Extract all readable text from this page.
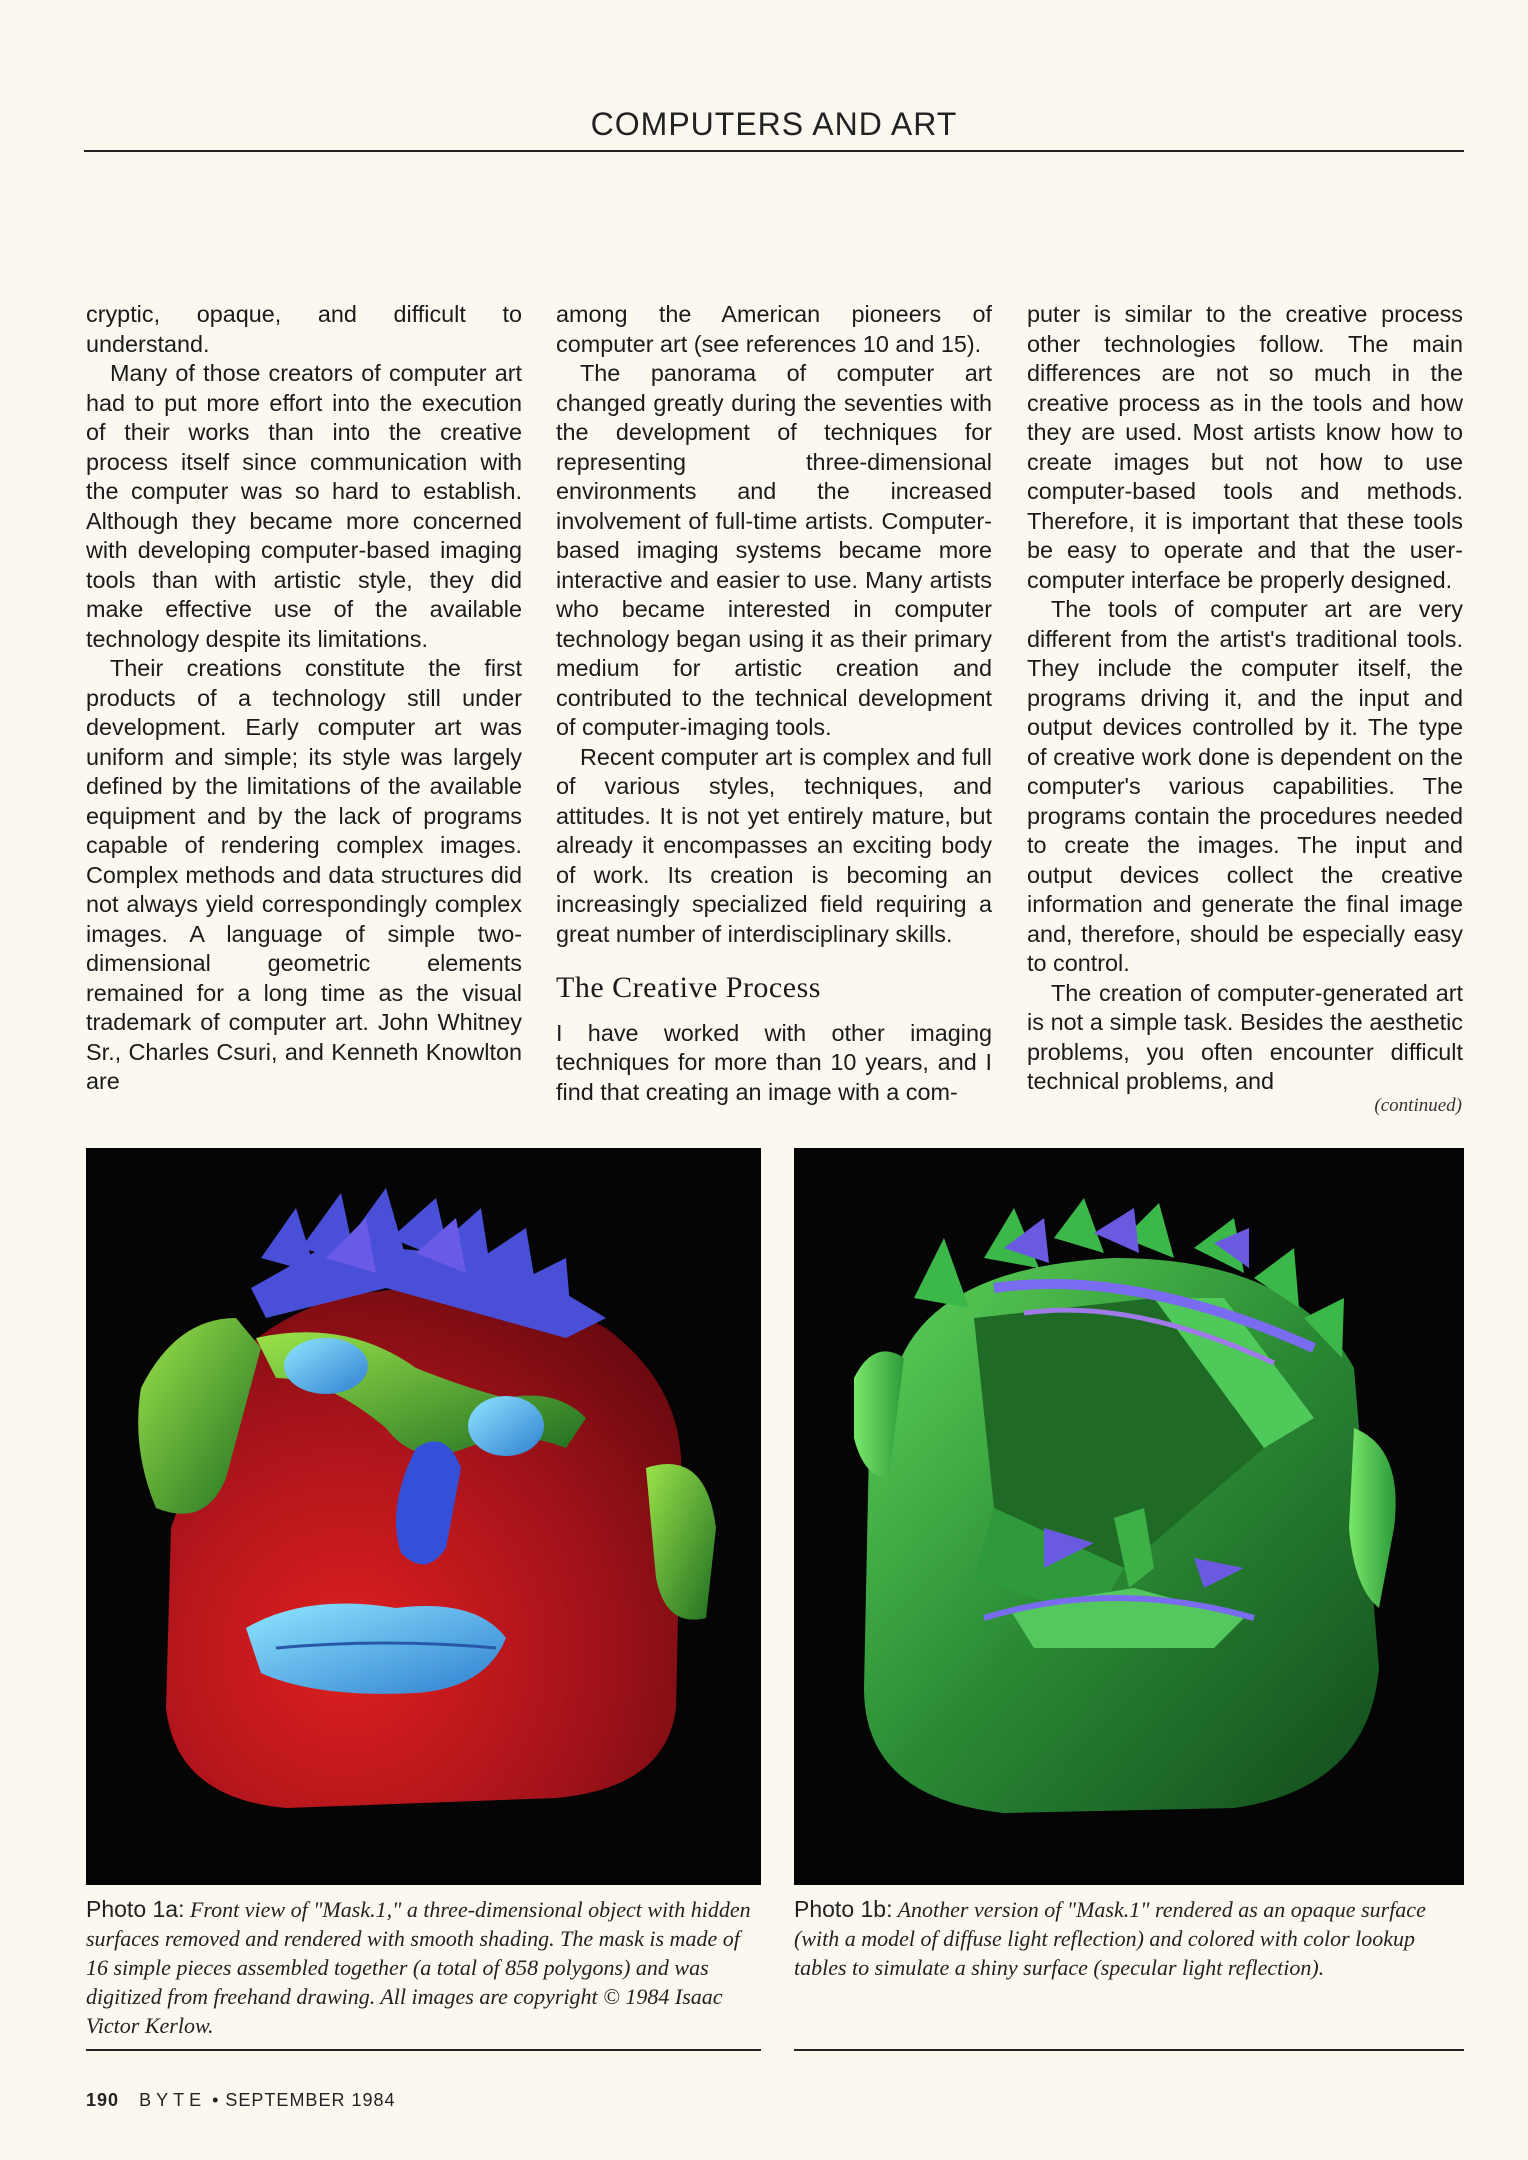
COMPUTERS AND ART

cryptic, opaque, and difficult to understand.

Many of those creators of computer art had to put more effort into the execution of their works than into the creative process itself since communication with the computer was so hard to establish. Although they became more concerned with developing computer-based imaging tools than with artistic style, they did make effective use of the available technology despite its limitations.

Their creations constitute the first products of a technology still under development. Early computer art was uniform and simple; its style was largely defined by the limitations of the available equipment and by the lack of programs capable of rendering complex images. Complex methods and data structures did not always yield correspondingly complex images. A language of simple two-dimensional geometric elements remained for a long time as the visual trademark of computer art. John Whitney Sr., Charles Csuri, and Kenneth Knowlton are

among the American pioneers of computer art (see references 10 and 15).

The panorama of computer art changed greatly during the seventies with the development of techniques for representing three-dimensional environments and the increased involvement of full-time artists. Computer-based imaging systems became more interactive and easier to use. Many artists who became interested in computer technology began using it as their primary medium for artistic creation and contributed to the technical development of computer-imaging tools.

Recent computer art is complex and full of various styles, techniques, and attitudes. It is not yet entirely mature, but already it encompasses an exciting body of work. Its creation is becoming an increasingly specialized field requiring a great number of interdisciplinary skills.

The Creative Process

I have worked with other imaging techniques for more than 10 years, and I find that creating an image with a com-

puter is similar to the creative process other technologies follow. The main differences are not so much in the creative process as in the tools and how they are used. Most artists know how to create images but not how to use computer-based tools and methods. Therefore, it is important that these tools be easy to operate and that the user-computer interface be properly designed.

The tools of computer art are very different from the artist's traditional tools. They include the computer itself, the programs driving it, and the input and output devices controlled by it. The type of creative work done is dependent on the computer's various capabilities. The programs contain the procedures needed to create the images. The input and output devices collect the creative information and generate the final image and, therefore, should be especially easy to control.

The creation of computer-generated art is not a simple task. Besides the aesthetic problems, you often encounter difficult technical problems, and

(continued)
Photo 1a: Front view of "Mask.1," a three-dimensional object with hidden surfaces removed and rendered with smooth shading. The mask is made of 16 simple pieces assembled together (a total of 858 polygons) and was digitized from freehand drawing. All images are copyright © 1984 Isaac Victor Kerlow.
Photo 1b: Another version of "Mask.1" rendered as an opaque surface (with a model of diffuse light reflection) and colored with color lookup tables to simulate a shiny surface (specular light reflection).
190 BYTE • SEPTEMBER 1984
